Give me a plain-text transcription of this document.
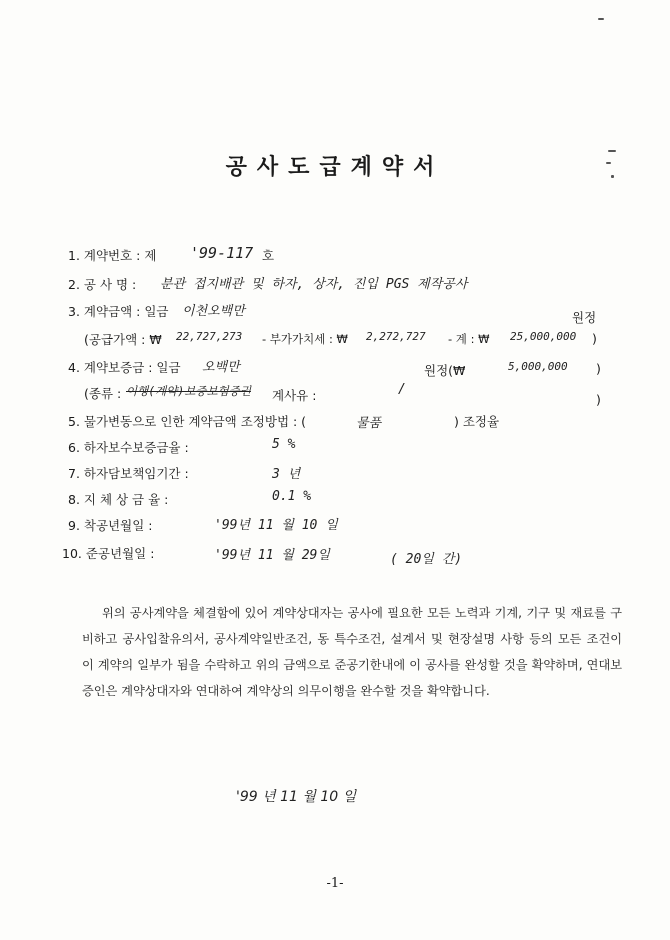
공사도급계약서
1. 계약번호 : 제 '99-117 호
2. 공 사 명 : 분관 접지배관 및 하자, 상자, 진입 PGS 제작공사
3. 계약금액 : 일금 이천오백만	원정
(공급가액 : ₩ 22,727,273 - 부가가치세 : ₩ 2,272,727 - 계 : ₩ 25,000,000 )
4. 계약보증금 : 일금 오백만	원정(₩	5,000,000 )
(종류 : 이행(계약)보증보험증권 계사유 :	/
)
5. 물가변동으로 인한 계약금액 조정방법 : (	물품	) 조정율
6. 하자보수보증금율 :	5 %
7. 하자담보책임기간 :	3 년
8. 지 체 상 금 율 :	0.1 %
9. 착공년월일 :	'99년 11 월 10 일
10. 준공년월일 :	'99년 11 월 29일	( 20일 간)
위의 공사계약을 체결함에 있어 계약상대자는 공사에 필요한 모든 노력과 기계, 기구 및 재료를 구비하고 공사입찰유의서, 공사계약일반조건, 동 특수조건, 설계서 및 현장설명 사항 등의 모든 조건이 이 계약의 일부가 됨을 수락하고 위의 금액으로 준공기한내에 이 공사를 완성할 것을 확약하며, 연대보증인은 계약상대자와 연대하여 계약상의 의무이행을 완수할 것을 확약합니다.
'99 년 11 월 10 일
-1-
